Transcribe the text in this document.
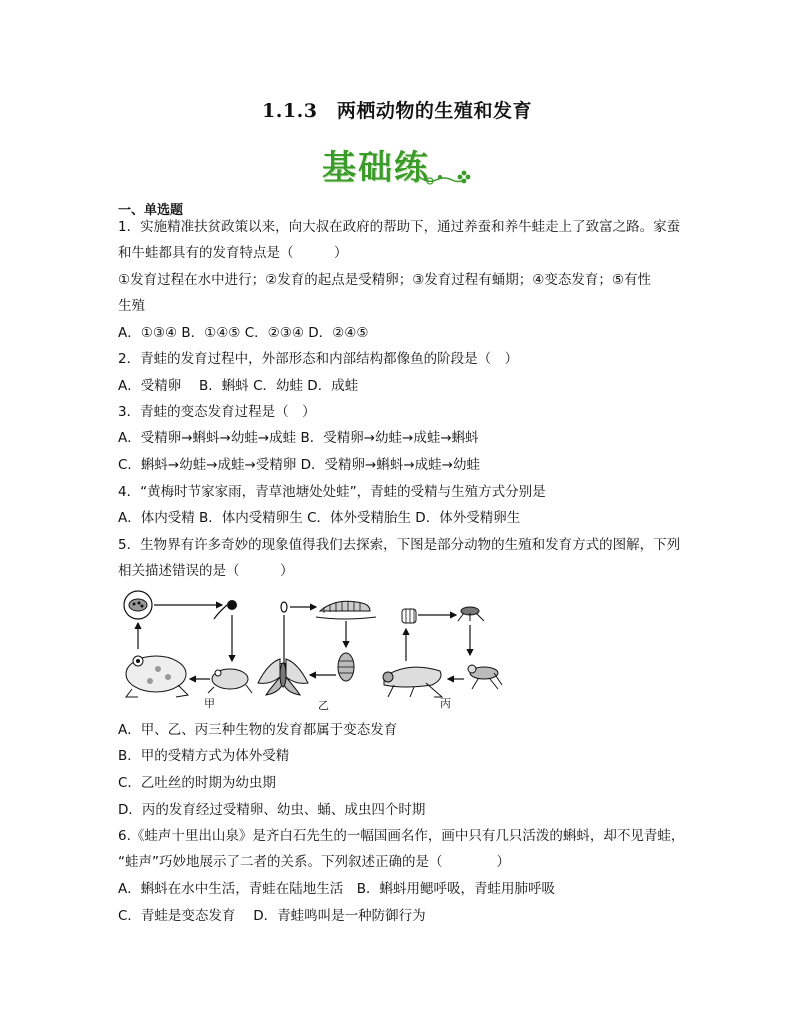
1.1.3　两栖动物的生殖和发育
基础练
一、单选题
1．实施精准扶贫政策以来，向大叔在政府的帮助下，通过养蚕和养牛蛙走上了致富之路。家蚕
和牛蛙都具有的发育特点是（　　　）
①发育过程在水中进行；②发育的起点是受精卵；③发育过程有蛹期；④变态发育；⑤有性
生殖
A．①③④ B．①④⑤ C．②③④ D．②④⑤
2．青蛙的发育过程中，外部形态和内部结构都像鱼的阶段是（　）
A．受精卵　 B．蝌蚪 C．幼蛙 D．成蛙
3．青蛙的变态发育过程是（　）
A．受精卵→蝌蚪→幼蛙→成蛙 B．受精卵→幼蛙→成蛙→蝌蚪
C．蝌蚪→幼蛙→成蛙→受精卵 D．受精卵→蝌蚪→成蛙→幼蛙
4．“黄梅时节家家雨，青草池塘处处蛙”，青蛙的受精与生殖方式分别是
A．体内受精 B．体内受精卵生 C．体外受精胎生 D．体外受精卵生
5．生物界有许多奇妙的现象值得我们去探索，下图是部分动物的生殖和发育方式的图解，下列
相关描述错误的是（　　　）
甲	乙	丙
A．甲、乙、丙三种生物的发育都属于变态发育
B．甲的受精方式为体外受精
C．乙吐丝的时期为幼虫期
D．丙的发育经过受精卵、幼虫、蛹、成虫四个时期
6.《蛙声十里出山泉》是齐白石先生的一幅国画名作，画中只有几只活泼的蝌蚪，却不见青蛙，
“蛙声”巧妙地展示了二者的关系。下列叙述正确的是（　　　　）
A．蝌蚪在水中生活，青蛙在陆地生活　B．蝌蚪用鳃呼吸，青蛙用肺呼吸
C．青蛙是变态发育　 D．青蛙鸣叫是一种防御行为
